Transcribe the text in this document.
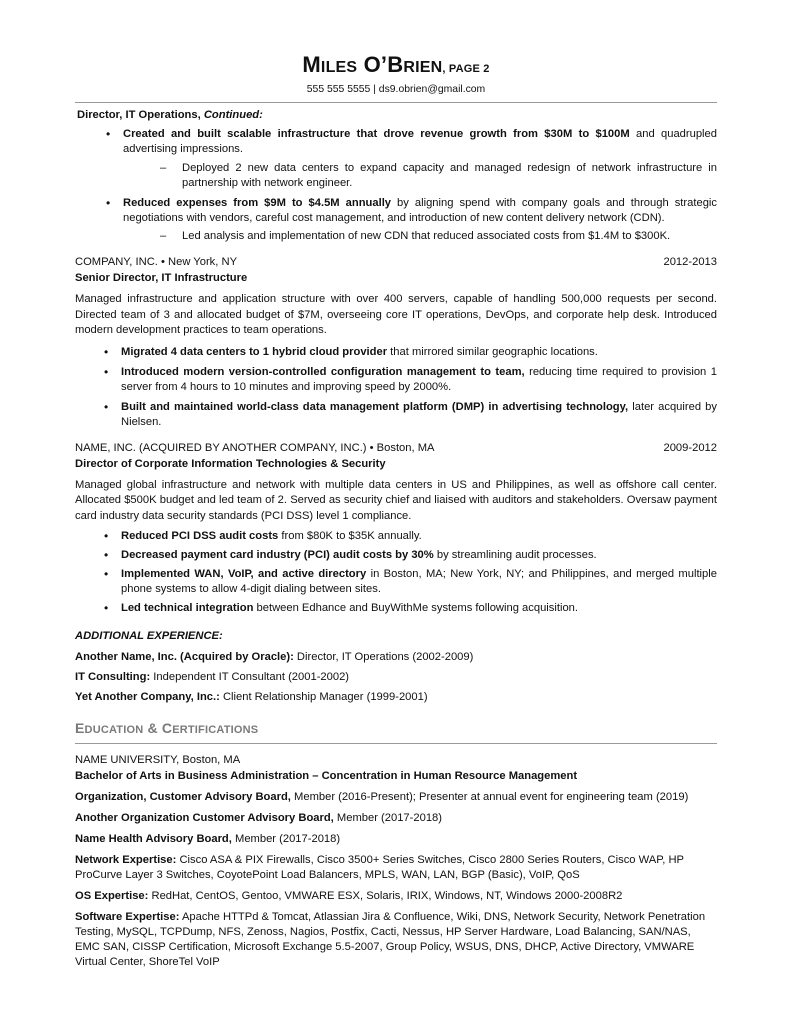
MILES O’BRIEN, PAGE 2
555 555 5555 | ds9.obrien@gmail.com
Director, IT Operations, Continued:
• Created and built scalable infrastructure that drove revenue growth from $30M to $100M and quadrupled advertising impressions.
– Deployed 2 new data centers to expand capacity and managed redesign of network infrastructure in partnership with network engineer.
• Reduced expenses from $9M to $4.5M annually by aligning spend with company goals and through strategic negotiations with vendors, careful cost management, and introduction of new content delivery network (CDN).
– Led analysis and implementation of new CDN that reduced associated costs from $1.4M to $300K.
COMPANY, INC. • New York, NY	2012-2013
Senior Director, IT Infrastructure
Managed infrastructure and application structure with over 400 servers, capable of handling 500,000 requests per second. Directed team of 3 and allocated budget of $7M, overseeing core IT operations, DevOps, and corporate help desk. Introduced modern development practices to team operations.
• Migrated 4 data centers to 1 hybrid cloud provider that mirrored similar geographic locations.
• Introduced modern version-controlled configuration management to team, reducing time required to provision 1 server from 4 hours to 10 minutes and improving speed by 2000%.
• Built and maintained world-class data management platform (DMP) in advertising technology, later acquired by Nielsen.
NAME, INC. (ACQUIRED BY ANOTHER COMPANY, INC.) • Boston, MA	2009-2012
Director of Corporate Information Technologies & Security
Managed global infrastructure and network with multiple data centers in US and Philippines, as well as offshore call center. Allocated $500K budget and led team of 2. Served as security chief and liaised with auditors and stakeholders. Oversaw payment card industry data security standards (PCI DSS) level 1 compliance.
• Reduced PCI DSS audit costs from $80K to $35K annually.
• Decreased payment card industry (PCI) audit costs by 30% by streamlining audit processes.
• Implemented WAN, VoIP, and active directory in Boston, MA; New York, NY; and Philippines, and merged multiple phone systems to allow 4-digit dialing between sites.
• Led technical integration between Edhance and BuyWithMe systems following acquisition.
ADDITIONAL EXPERIENCE:
Another Name, Inc. (Acquired by Oracle): Director, IT Operations (2002-2009)
IT Consulting: Independent IT Consultant (2001-2002)
Yet Another Company, Inc.: Client Relationship Manager (1999-2001)
EDUCATION & CERTIFICATIONS
NAME UNIVERSITY, Boston, MA
Bachelor of Arts in Business Administration – Concentration in Human Resource Management
Organization, Customer Advisory Board, Member (2016-Present); Presenter at annual event for engineering team (2019)
Another Organization Customer Advisory Board, Member (2017-2018)
Name Health Advisory Board, Member (2017-2018)
Network Expertise: Cisco ASA & PIX Firewalls, Cisco 3500+ Series Switches, Cisco 2800 Series Routers, Cisco WAP, HP ProCurve Layer 3 Switches, CoyotePoint Load Balancers, MPLS, WAN, LAN, BGP (Basic), VoIP, QoS
OS Expertise: RedHat, CentOS, Gentoo, VMWARE ESX, Solaris, IRIX, Windows, NT, Windows 2000-2008R2
Software Expertise: Apache HTTPd & Tomcat, Atlassian Jira & Confluence, Wiki, DNS, Network Security, Network Penetration Testing, MySQL, TCPDump, NFS, Zenoss, Nagios, Postfix, Cacti, Nessus, HP Server Hardware, Load Balancing, SAN/NAS, EMC SAN, CISSP Certification, Microsoft Exchange 5.5-2007, Group Policy, WSUS, DNS, DHCP, Active Directory, VMWARE Virtual Center, ShoreTel VoIP
